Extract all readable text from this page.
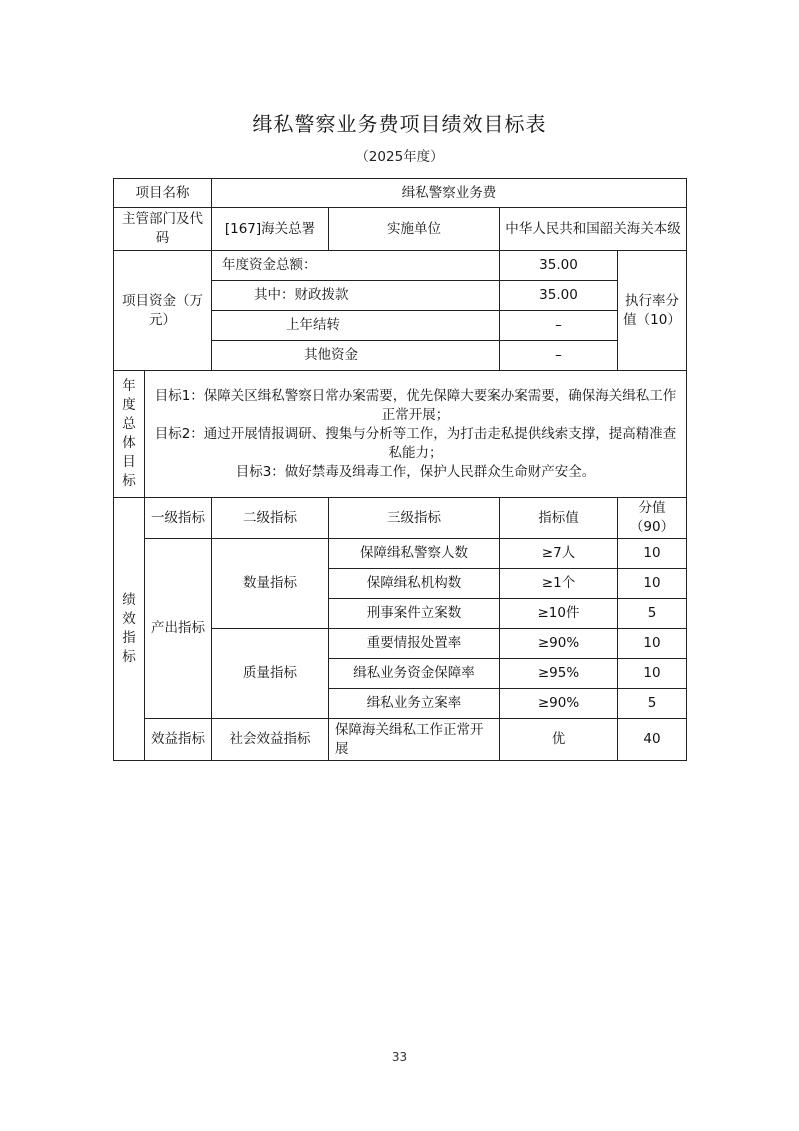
缉私警察业务费项目绩效目标表
（2025年度）
项目名称		缉私警察业务费			
主管部门及代码		[167]海关总署	实施单位	中华人民共和国韶关海关本级	
项目资金（万元）		年度资金总额：		35.00	执行率分值（10）
		其中：财政拨款		35.00	
		上年结转		–	
		其他资金		–	
年度总体目标	目标1：保障关区缉私警察日常办案需要，优先保障大要案办案需要，确保海关缉私工作正常开展；
目标2：通过开展情报调研、搜集与分析等工作，为打击走私提供线索支撑，提高精准查私能力；
目标3：做好禁毒及缉毒工作，保护人民群众生命财产安全。				

绩效指标	一级指标	二级指标	三级指标	指标值	分值（90）
	产出指标	数量指标	保障缉私警察人数	≥7人	10
			保障缉私机构数	≥1个	10
			刑事案件立案数	≥10件	5
		质量指标	重要情报处置率	≥90%	10
			缉私业务资金保障率	≥95%	10
			缉私业务立案率	≥90%	5
	效益指标	社会效益指标	保障海关缉私工作正常开展	优	40
33
